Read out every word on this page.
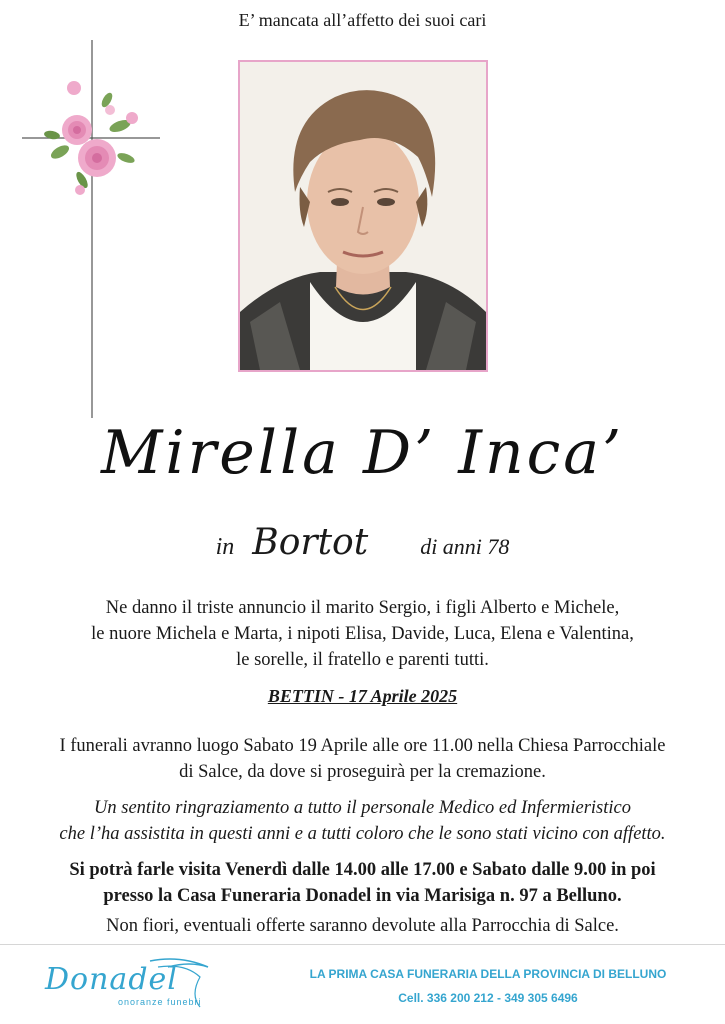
E’ mancata all’affetto dei suoi cari
Mirella D’ Inca’
in Bortot di anni 78
Ne danno il triste annuncio il marito Sergio, i figli Alberto e Michele,
le nuore Michela e Marta, i nipoti Elisa, Davide, Luca, Elena e Valentina,
le sorelle, il fratello e parenti tutti.
BETTIN - 17 Aprile 2025
I funerali avranno luogo Sabato 19 Aprile alle ore 11.00 nella Chiesa Parrocchiale
di Salce, da dove si proseguirà per la cremazione.
Un sentito ringraziamento a tutto il personale Medico ed Infermieristico
che l’ha assistita in questi anni e a tutti coloro che le sono stati vicino con affetto.
Si potrà farle visita Venerdì dalle 14.00 alle 17.00 e Sabato dalle 9.00 in poi
presso la Casa Funeraria Donadel in via Marisiga n. 97 a Belluno.
Non fiori, eventuali offerte saranno devolute alla Parrocchia di Salce.
Donadel
onoranze funebri
LA PRIMA CASA FUNERARIA DELLA PROVINCIA DI BELLUNO
Cell. 336 200 212 - 349 305 6496
